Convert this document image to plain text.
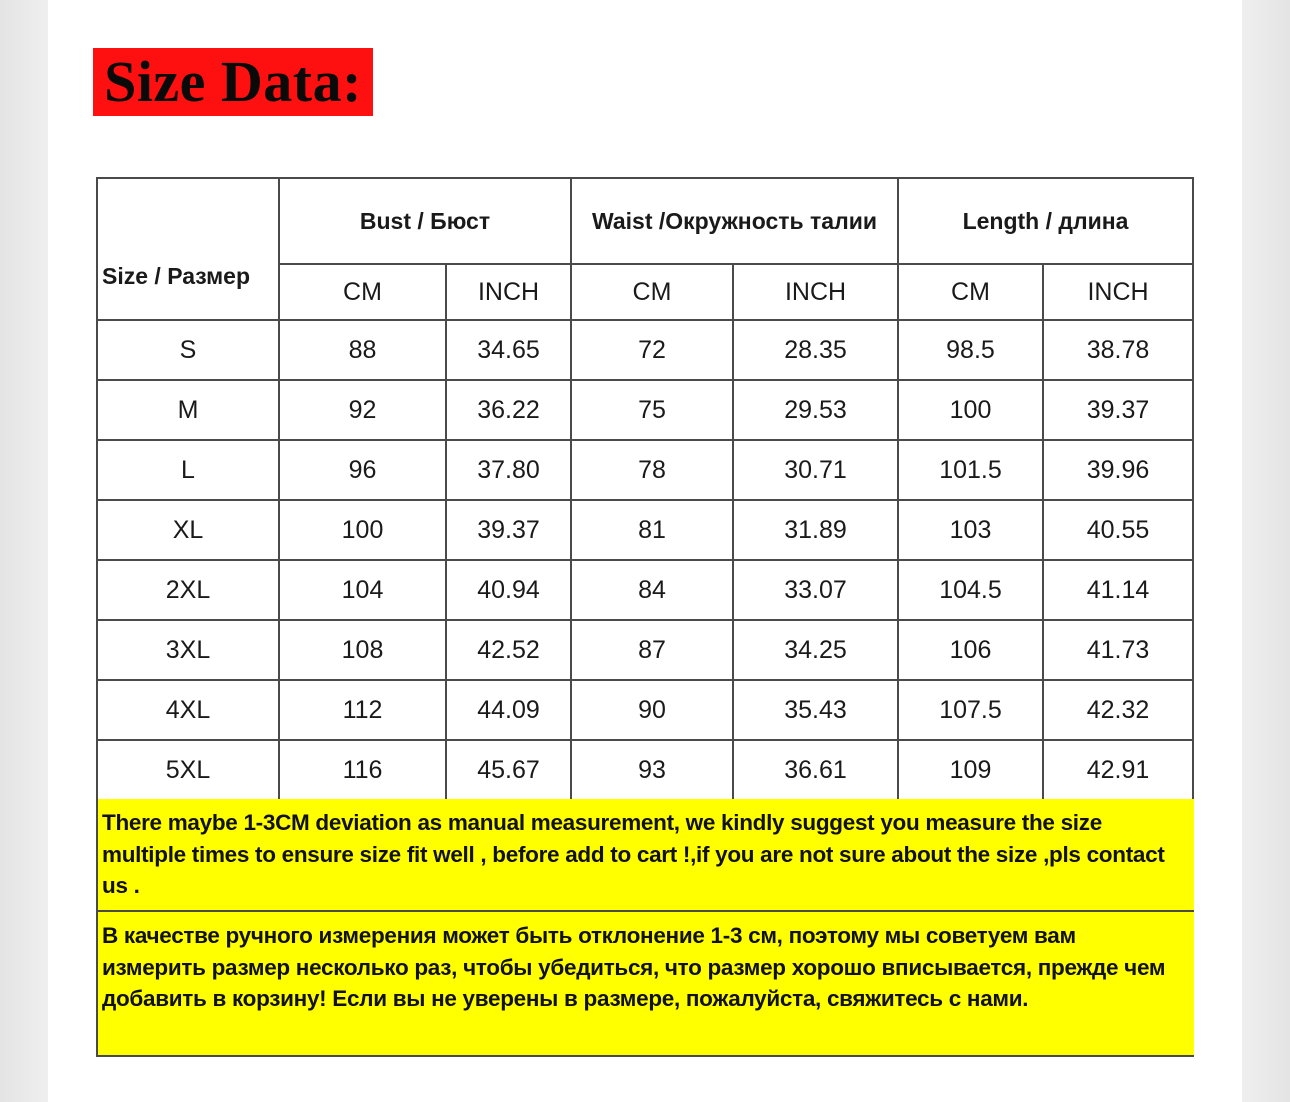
Size Data:
Size / Размер	Bust / Бюст		Waist /Окружность талии		Length / длина	
	CM	INCH	CM	INCH	CM	INCH
S	88	34.65	72	28.35	98.5	38.78
M	92	36.22	75	29.53	100	39.37
L	96	37.80	78	30.71	101.5	39.96
XL	100	39.37	81	31.89	103	40.55
2XL	104	40.94	84	33.07	104.5	41.14
3XL	108	42.52	87	34.25	106	41.73
4XL	112	44.09	90	35.43	107.5	42.32
5XL	116	45.67	93	36.61	109	42.91
There maybe 1-3CM deviation as manual measurement, we kindly suggest you measure the size multiple times to ensure size fit well , before add to cart !,if you are not sure about the size ,pls contact us .
В качестве ручного измерения может быть отклонение 1-3 см, поэтому мы советуем вам измерить размер несколько раз, чтобы убедиться, что размер хорошо вписывается, прежде чем добавить в корзину! Если вы не уверены в размере, пожалуйста, свяжитесь с нами.
